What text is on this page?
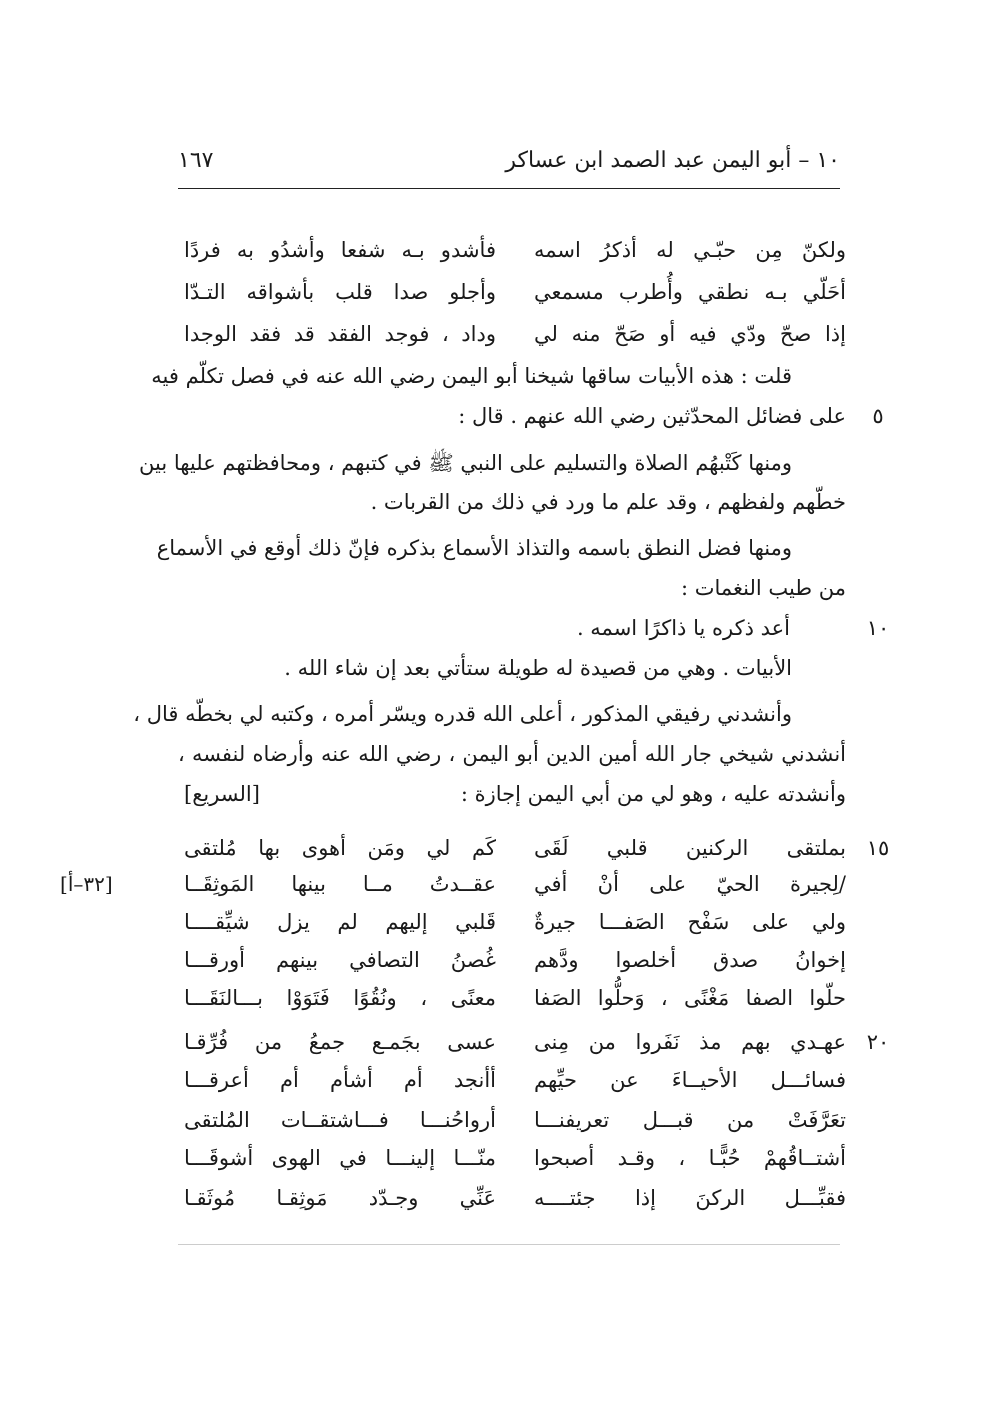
١٠ – أبو اليمن عبد الصمد ابن عساكر
١٦٧
ولكنّ مِن حبّـي له أذكرُ اسمه
فأشدو بـه شفعا وأشدُو به فردًا
أحَلّي بـه نطقي وأُطرب مسمعي
وأجلو صدا قلب بأشواقه التـدّا
إذا صحّ ودّي فيه أو صَحّ منه لي
وداد ، فوجد الفقد قد فقد الوجدا
قلت : هذه الأبيات ساقها شيخنا أبو اليمن رضي الله عنه في فصل تكلّم فيه
على فضائل المحدّثين رضي الله عنهم . قال :
ومنها كَتْبهُم الصلاة والتسليم على النبي ﷺ في كتبهم ، ومحافظتهم عليها بين
خطّهم ولفظهم ، وقد علم ما ورد في ذلك من القربات .
ومنها فضل النطق باسمه والتذاذ الأسماع بذكره فإنّ ذلك أوقع في الأسماع
من طيب النغمات :
أعد ذكره يا ذاكرًا اسمه .
الأبيات . وهي من قصيدة له طويلة ستأتي بعد إن شاء الله .
وأنشدني رفيقي المذكور ، أعلى الله قدره ويسّر أمره ، وكتبه لي بخطّه قال ،
أنشدني شيخي جار الله أمين الدين أبو اليمن ، رضي الله عنه وأرضاه لنفسه ،
وأنشدته عليه ، وهو لي من أبي اليمن إجازة :
[السريع]
بملتقى الركنين قلبي لَقَى
كَم لي ومَن أهوى بها مُلتقى
/لِجيرة الحيّ على أنْ أفي
عقــدتُ مــا بينها المَوثِقَــا
ولي على سَفْح الصَفـــا جيرةٌ
قَلبي إليهم لم يزل شيِّقــــا
إخوانُ صدق أخلصوا ودَّهم
غُصنُ التصافي بينهم أورقـــا
حلّوا الصفا مَغْنًى ، وَحلُّوا الصَفا
معنًى ، ونُقُوًا فَتَوَوْا بـــالنَقَـــا
عهـدي بهم مذ نَفَروا من مِنى
عسى بجَمـع جمعُ من فُرِّقـا
فسائـــل الأحيــاءَ عن حيِّهم
أأنجد أم أشأم أم أعرقـــا
تعَرَّفَتْ من قبـــل تعريفنـــا
أرواحُنـــا فـــاشتقــات المُلتقى
أشتــاقُهمْ حُبًّـا ، وقـد أصبحوا
منّـــا إلينـــا في الهوى أشوقَـــا
فقبِّـــل الركنَ إذا جئتــــه
عَنِّي وجـدّد مَوثِقـا مُوثَقـا
٥
١٠
١٥
٢٠
[٣٢–أ]
